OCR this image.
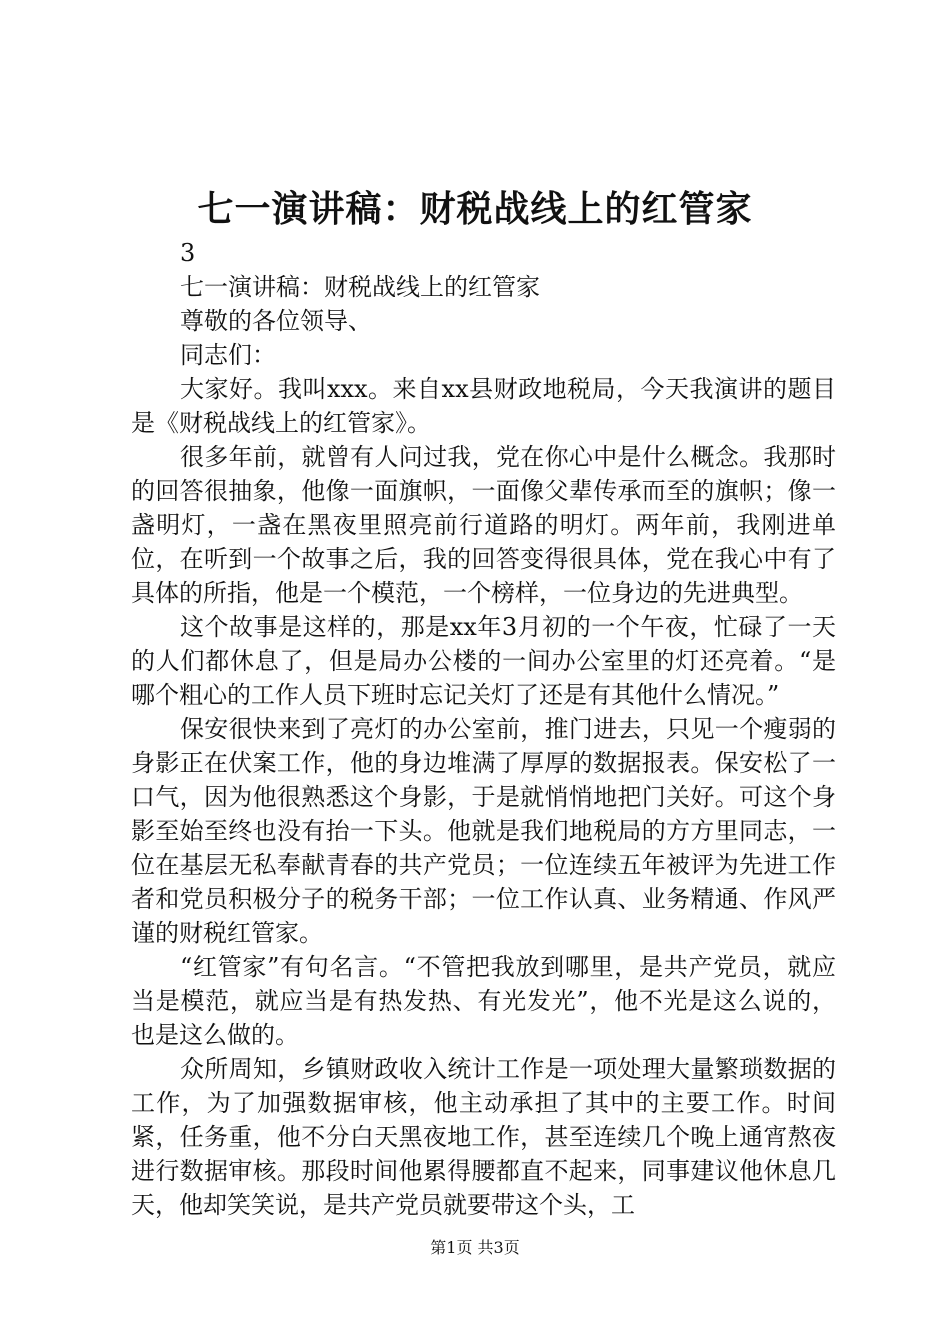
七一演讲稿：财税战线上的红管家

3

七一演讲稿：财税战线上的红管家

尊敬的各位领导、

同志们：

大家好。我叫xxx。来自xx县财政地税局，今天我演讲的题目是《财税战线上的红管家》。

很多年前，就曾有人问过我，党在你心中是什么概念。我那时的回答很抽象，他像一面旗帜，一面像父辈传承而至的旗帜；像一盏明灯，一盏在黑夜里照亮前行道路的明灯。两年前，我刚进单位，在听到一个故事之后，我的回答变得很具体，党在我心中有了具体的所指，他是一个模范，一个榜样，一位身边的先进典型。

这个故事是这样的，那是xx年3月初的一个午夜，忙碌了一天的人们都休息了，但是局办公楼的一间办公室里的灯还亮着。“是哪个粗心的工作人员下班时忘记关灯了还是有其他什么情况。”

保安很快来到了亮灯的办公室前，推门进去，只见一个瘦弱的身影正在伏案工作，他的身边堆满了厚厚的数据报表。保安松了一口气，因为他很熟悉这个身影，于是就悄悄地把门关好。可这个身影至始至终也没有抬一下头。他就是我们地税局的方方里同志，一位在基层无私奉献青春的共产党员；一位连续五年被评为先进工作者和党员积极分子的税务干部；一位工作认真、业务精通、作风严谨的财税红管家。

“红管家”有句名言。“不管把我放到哪里，是共产党员，就应当是模范，就应当是有热发热、有光发光”，他不光是这么说的，也是这么做的。

众所周知，乡镇财政收入统计工作是一项处理大量繁琐数据的工作，为了加强数据审核，他主动承担了其中的主要工作。时间紧，任务重，他不分白天黑夜地工作，甚至连续几个晚上通宵熬夜进行数据审核。那段时间他累得腰都直不起来，同事建议他休息几天，他却笑笑说，是共产党员就要带这个头，工

第1页 共3页
